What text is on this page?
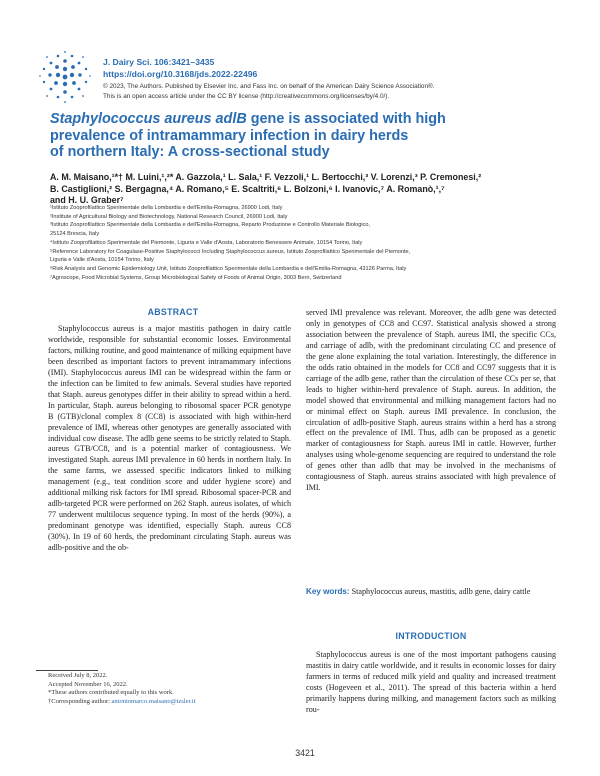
J. Dairy Sci. 106:3421–3435
https://doi.org/10.3168/jds.2022-22496
© 2023, The Authors. Published by Elsevier Inc. and Fass Inc. on behalf of the American Dairy Science Association®.
This is an open access article under the CC BY license (http://creativecommons.org/licenses/by/4.0/).
Staphylococcus aureus adlB gene is associated with high
prevalence of intramammary infection in dairy herds
of northern Italy: A cross-sectional study
A. M. Maisano,¹*† M. Luini,¹,²* A. Gazzola,¹ L. Sala,¹ F. Vezzoli,¹ L. Bertocchi,³ V. Lorenzi,³ P. Cremonesi,²
B. Castiglioni,² S. Bergagna,⁴ A. Romano,⁵ E. Scaltriti,⁶ L. Bolzoni,⁶ I. Ivanovic,⁷ A. Romanò,¹,⁷
and H. U. Graber⁷
¹Istituto Zooprofilattico Sperimentale della Lombardia e dell'Emilia-Romagna, 26900 Lodi, Italy
²Institute of Agricultural Biology and Biotechnology, National Research Council, 26900 Lodi, Italy
³Istituto Zooprofilattico Sperimentale della Lombardia e dell'Emilia-Romagna, Reparto Produzione e Controllo Materiale Biologico,
25124 Brescia, Italy
⁴Istituto Zooprofilattico Sperimentale del Piemonte, Liguria e Valle d'Aosta, Laboratorio Benessere Animale, 10154 Torino, Italy
⁵Reference Laboratory for Coagulase-Positive Staphylococci Including Staphylococcus aureus, Istituto Zooprofilattico Sperimentale del Piemonte,
Liguria e Valle d'Aosta, 10154 Torino, Italy
⁶Risk Analysis and Genomic Epidemiology Unit, Istituto Zooprofilattico Sperimentale della Lombardia e dell'Emilia-Romagna, 43126 Parma, Italy
⁷Agroscope, Food Microbial Systems, Group Microbiological Safety of Foods of Animal Origin, 3003 Bern, Switzerland
ABSTRACT
Staphylococcus aureus is a major mastitis pathogen in dairy cattle worldwide, responsible for substantial economic losses. Environmental factors, milking routine, and good maintenance of milking equipment have been described as important factors to prevent intramammary infections (IMI). Staphylococcus aureus IMI can be widespread within the farm or the infection can be limited to few animals. Several studies have reported that Staph. aureus genotypes differ in their ability to spread within a herd. In particular, Staph. aureus belonging to ribosomal spacer PCR genotype B (GTB)/clonal complex 8 (CC8) is associated with high within-herd prevalence of IMI, whereas other genotypes are generally associated with individual cow disease. The adlb gene seems to be strictly related to Staph. aureus GTB/CC8, and is a potential marker of contagiousness. We investigated Staph. aureus IMI prevalence in 60 herds in northern Italy. In the same farms, we assessed specific indicators linked to milking management (e.g., teat condition score and udder hygiene score) and additional milking risk factors for IMI spread. Ribosomal spacer-PCR and adlb-targeted PCR were performed on 262 Staph. aureus isolates, of which 77 underwent multilocus sequence typing. In most of the herds (90%), a predominant genotype was identified, especially Staph. aureus CC8 (30%). In 19 of 60 herds, the predominant circulating Staph. aureus was adlb-positive and the ob-
served IMI prevalence was relevant. Moreover, the adlb gene was detected only in genotypes of CC8 and CC97. Statistical analysis showed a strong association between the prevalence of Staph. aureus IMI, the specific CCs, and carriage of adlb, with the predominant circulating CC and presence of the gene alone explaining the total variation. Interestingly, the difference in the odds ratio obtained in the models for CC8 and CC97 suggests that it is carriage of the adlb gene, rather than the circulation of these CCs per se, that leads to higher within-herd prevalence of Staph. aureus. In addition, the model showed that environmental and milking management factors had no or minimal effect on Staph. aureus IMI prevalence. In conclusion, the circulation of adlb-positive Staph. aureus strains within a herd has a strong effect on the prevalence of IMI. Thus, adlb can be proposed as a genetic marker of contagiousness for Staph. aureus IMI in cattle. However, further analyses using whole-genome sequencing are required to understand the role of genes other than adlb that may be involved in the mechanisms of contagiousness of Staph. aureus strains associated with high prevalence of IMI.
Key words: Staphylococcus aureus, mastitis, adlb gene, dairy cattle
INTRODUCTION
Staphylococcus aureus is one of the most important pathogens causing mastitis in dairy cattle worldwide, and it results in economic losses for dairy farmers in terms of reduced milk yield and quality and increased treatment costs (Hogeveen et al., 2011). The spread of this bacteria within a herd primarily happens during milking, and management factors such as milking rou-
Received July 8, 2022.
Accepted November 16, 2022.
*These authors contributed equally to this work.
†Corresponding author: antoniomarco.maisano@izsler.it
3421
